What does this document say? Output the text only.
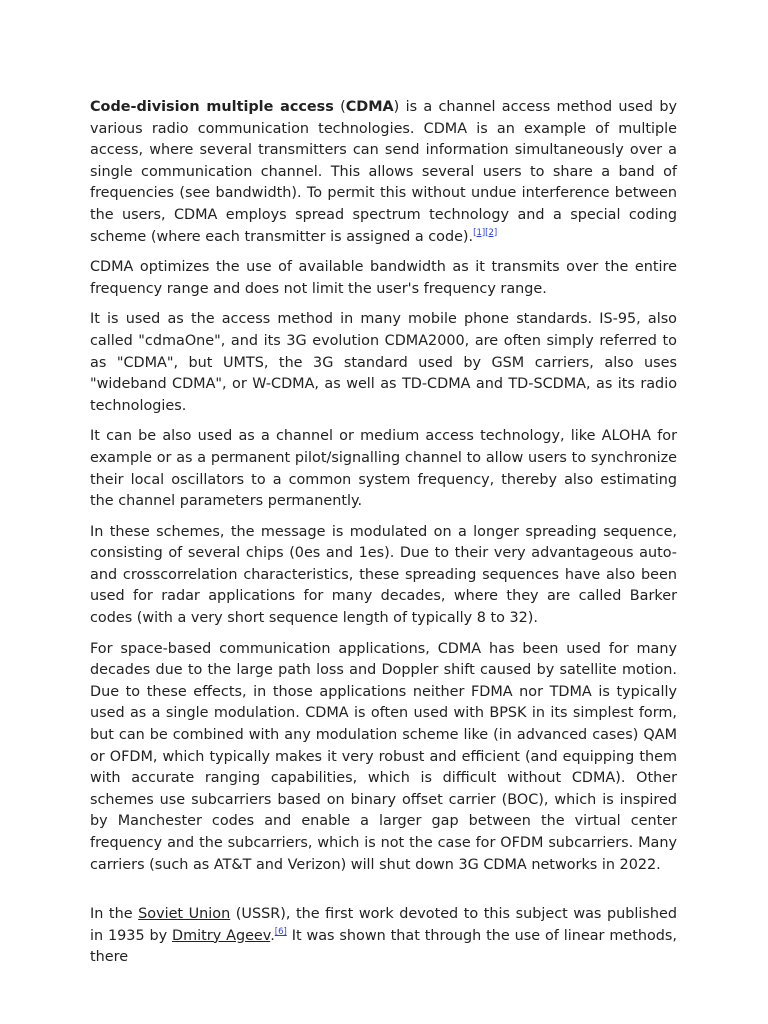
Code-division multiple access (CDMA) is a channel access method used by various radio communication technologies. CDMA is an example of multiple access, where several transmitters can send information simultaneously over a single communication channel. This allows several users to share a band of frequencies (see bandwidth). To permit this without undue interference between the users, CDMA employs spread spectrum technology and a special coding scheme (where each transmitter is assigned a code).[1][2]

CDMA optimizes the use of available bandwidth as it transmits over the entire frequency range and does not limit the user's frequency range.

It is used as the access method in many mobile phone standards. IS-95, also called "cdmaOne", and its 3G evolution CDMA2000, are often simply referred to as "CDMA", but UMTS, the 3G standard used by GSM carriers, also uses "wideband CDMA", or W-CDMA, as well as TD-CDMA and TD-SCDMA, as its radio technologies.

It can be also used as a channel or medium access technology, like ALOHA for example or as a permanent pilot/signalling channel to allow users to synchronize their local oscillators to a common system frequency, thereby also estimating the channel parameters permanently.

In these schemes, the message is modulated on a longer spreading sequence, consisting of several chips (0es and 1es). Due to their very advantageous auto- and crosscorrelation characteristics, these spreading sequences have also been used for radar applications for many decades, where they are called Barker codes (with a very short sequence length of typically 8 to 32).

For space-based communication applications, CDMA has been used for many decades due to the large path loss and Doppler shift caused by satellite motion. Due to these effects, in those applications neither FDMA nor TDMA is typically used as a single modulation. CDMA is often used with BPSK in its simplest form, but can be combined with any modulation scheme like (in advanced cases) QAM or OFDM, which typically makes it very robust and efficient (and equipping them with accurate ranging capabilities, which is difficult without CDMA). Other schemes use subcarriers based on binary offset carrier (BOC), which is inspired by Manchester codes and enable a larger gap between the virtual center frequency and the subcarriers, which is not the case for OFDM subcarriers. Many carriers (such as AT&T and Verizon) will shut down 3G CDMA networks in 2022.

In the Soviet Union (USSR), the first work devoted to this subject was published in 1935 by Dmitry Ageev.[6] It was shown that through the use of linear methods, there
